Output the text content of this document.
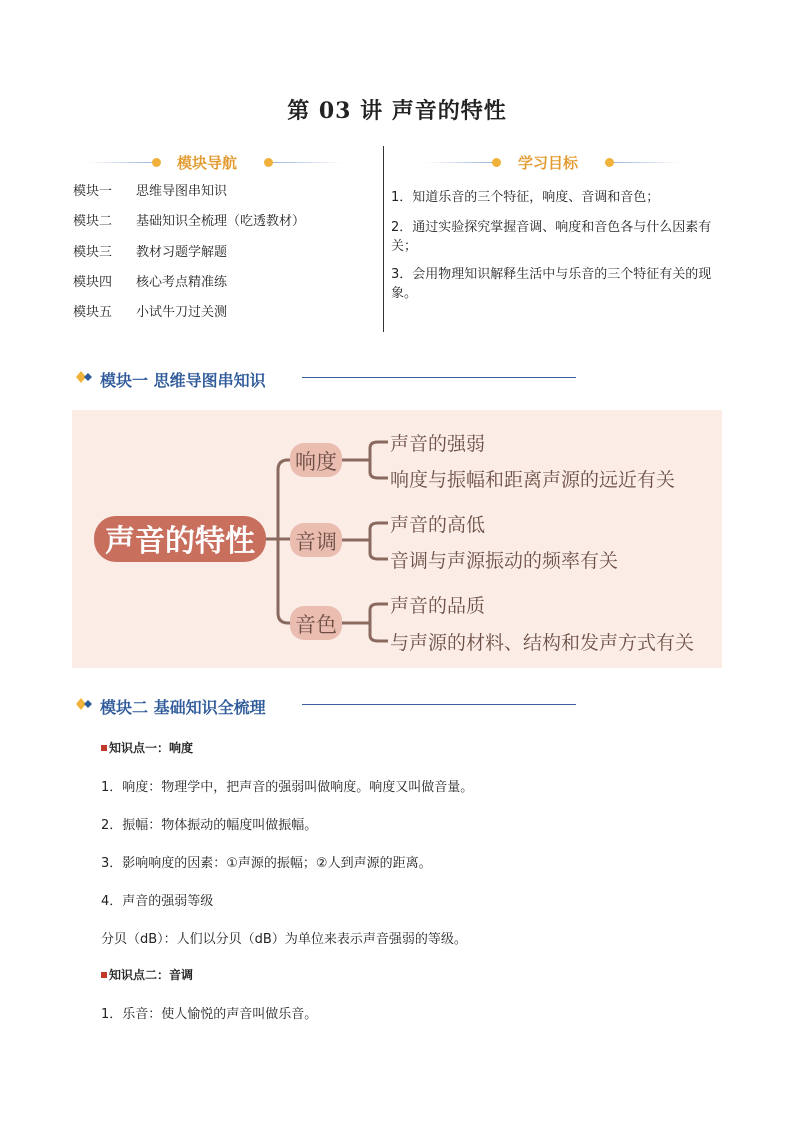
第 03 讲 声音的特性
模块导航
模块一 思维导图串知识
模块二 基础知识全梳理（吃透教材）
模块三 教材习题学解题
模块四 核心考点精准练
模块五 小试牛刀过关测
学习目标
1．知道乐音的三个特征，响度、音调和音色；
2．通过实验探究掌握音调、响度和音色各与什么因素有关；
3．会用物理知识解释生活中与乐音的三个特征有关的现象。
模块一 思维导图串知识
声音的特性
响度
音调
音色
声音的强弱
响度与振幅和距离声源的远近有关
声音的高低
音调与声源振动的频率有关
声音的品质
与声源的材料、结构和发声方式有关
模块二 基础知识全梳理
知识点一：响度
1．响度：物理学中，把声音的强弱叫做响度。响度又叫做音量。
2．振幅：物体振动的幅度叫做振幅。
3．影响响度的因素：①声源的振幅；②人到声源的距离。
4．声音的强弱等级
分贝（dB）：人们以分贝（dB）为单位来表示声音强弱的等级。
知识点二：音调
1．乐音：使人愉悦的声音叫做乐音。
